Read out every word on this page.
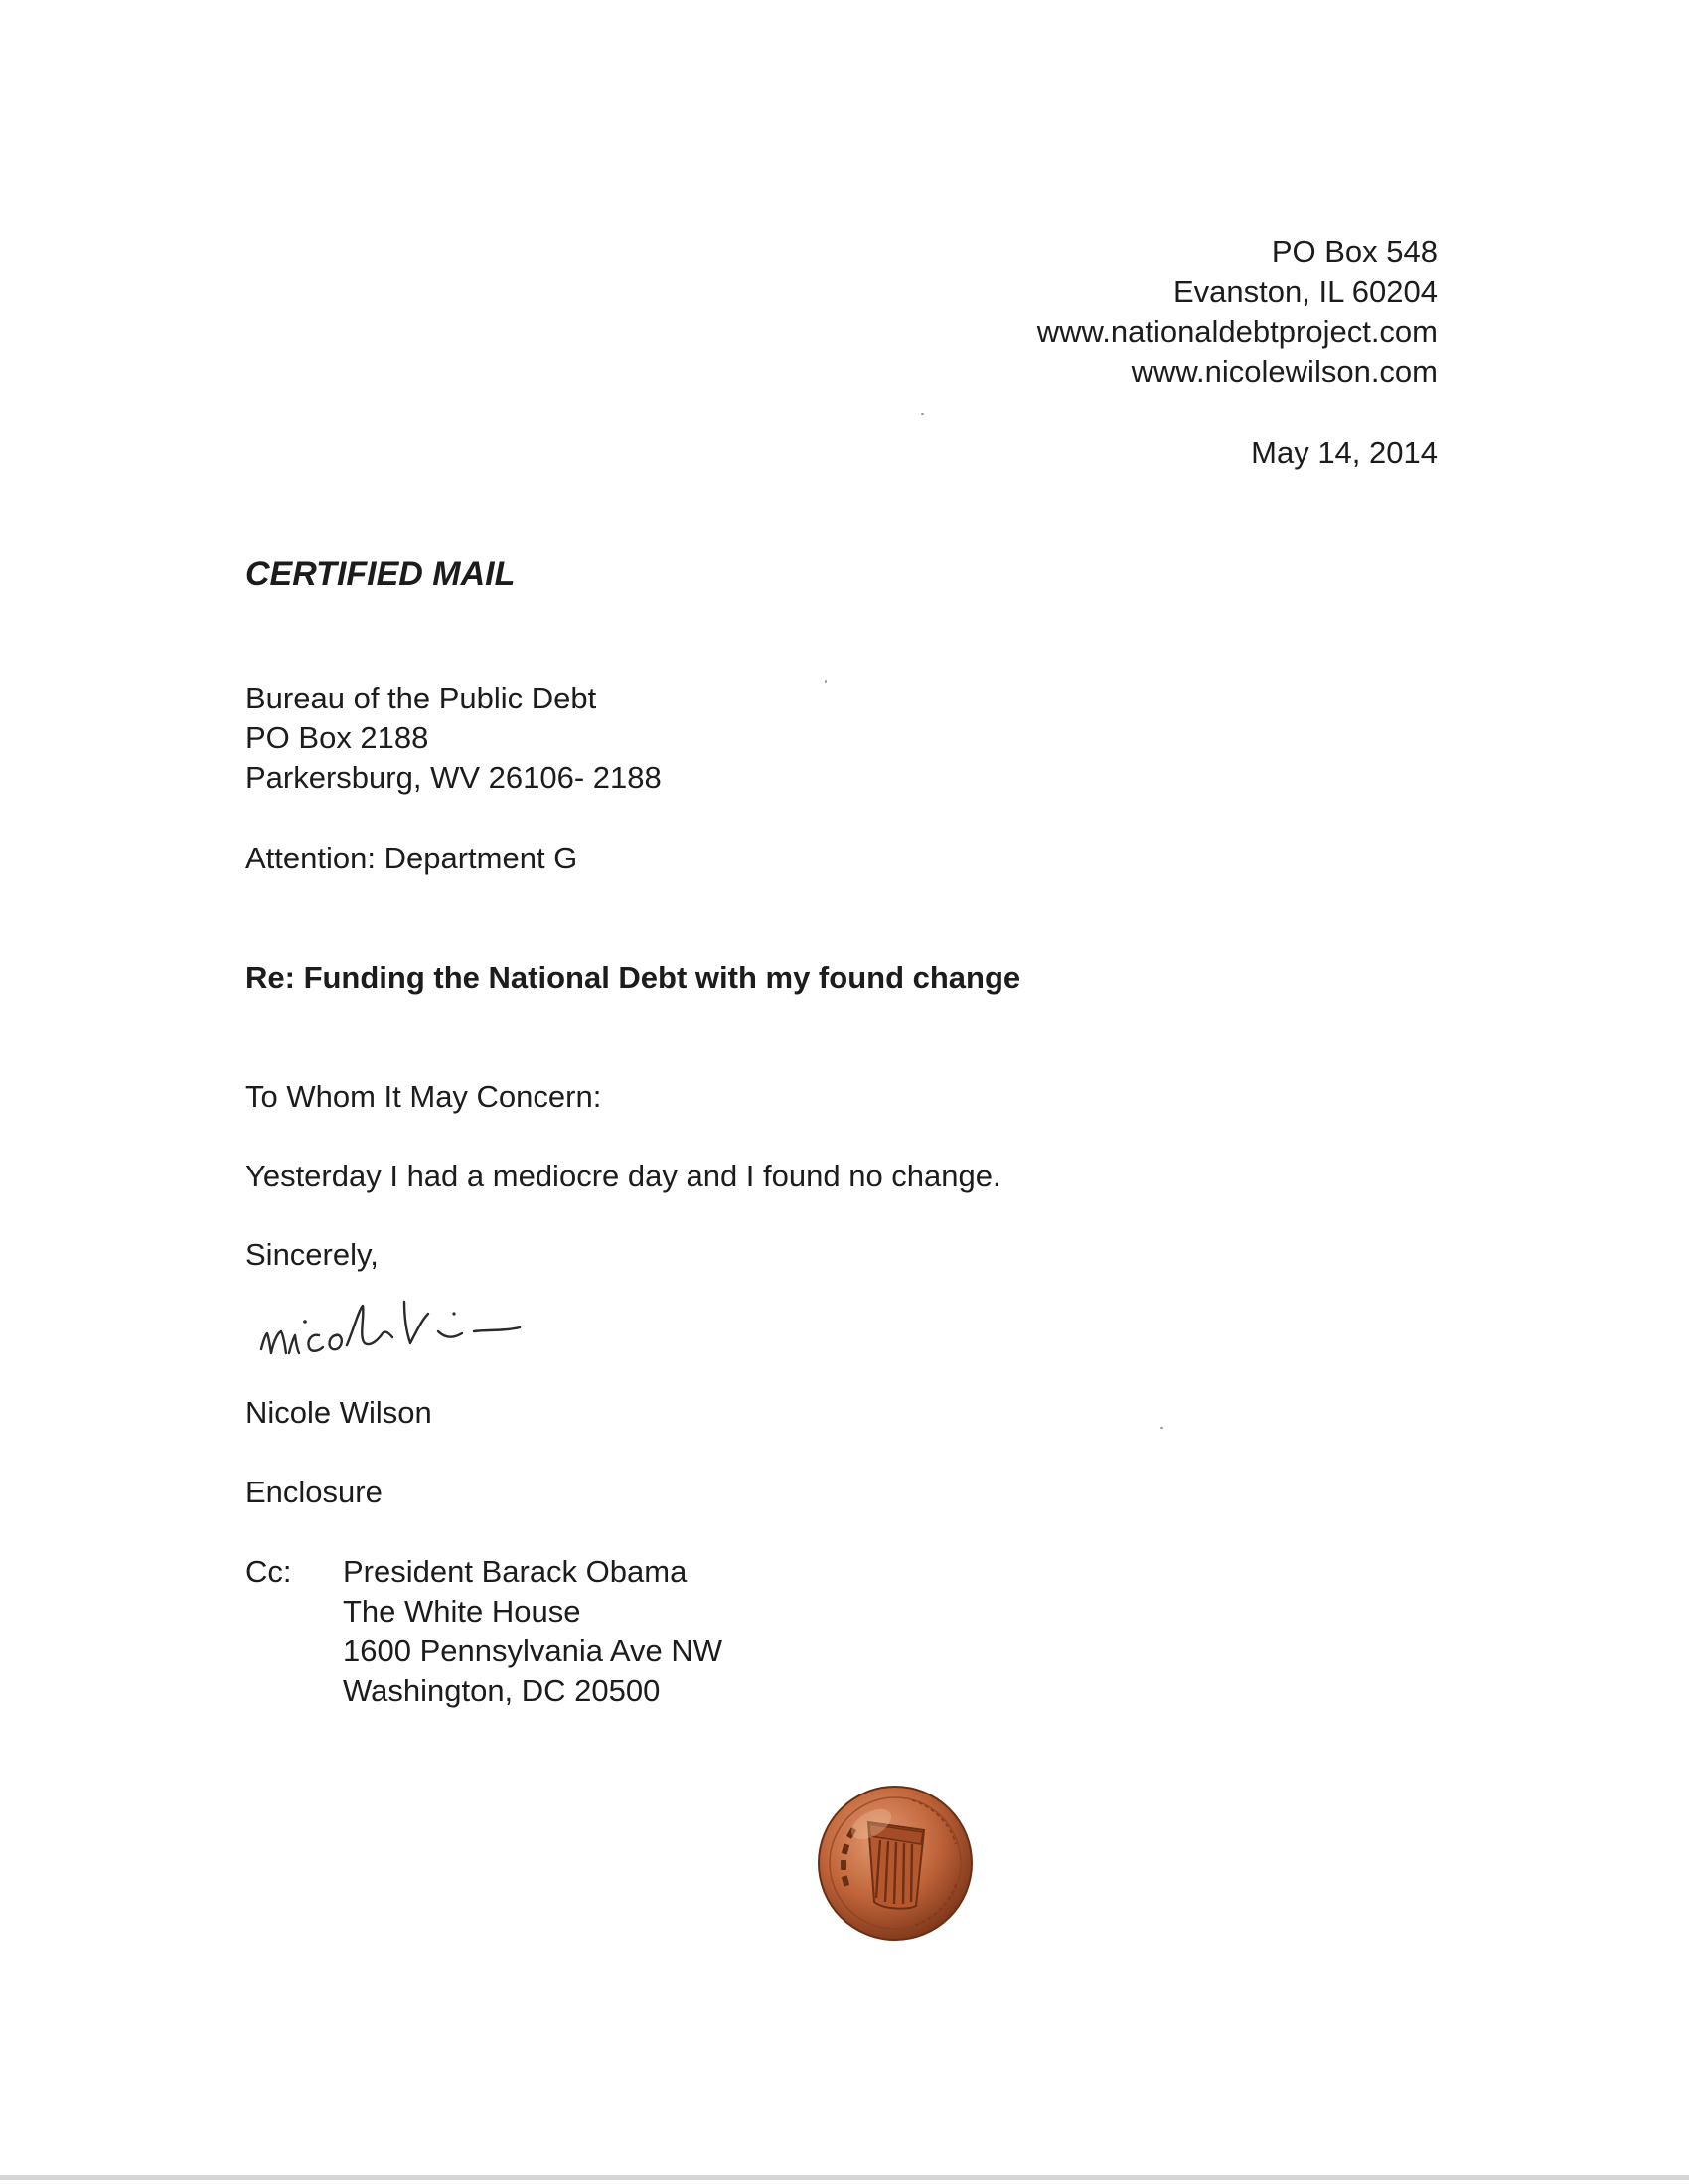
PO Box 548
Evanston, IL 60204
www.nationaldebtproject.com
www.nicolewilson.com

May 14, 2014

CERTIFIED MAIL

Bureau of the Public Debt
PO Box 2188
Parkersburg, WV 26106- 2188

Attention: Department G

Re: Funding the National Debt with my found change

To Whom It May Concern:

Yesterday I had a mediocre day and I found no change.

Sincerely,

Nicole Wilson

Enclosure

Cc: President Barack Obama
The White House
1600 Pennsylvania Ave NW
Washington, DC 20500
